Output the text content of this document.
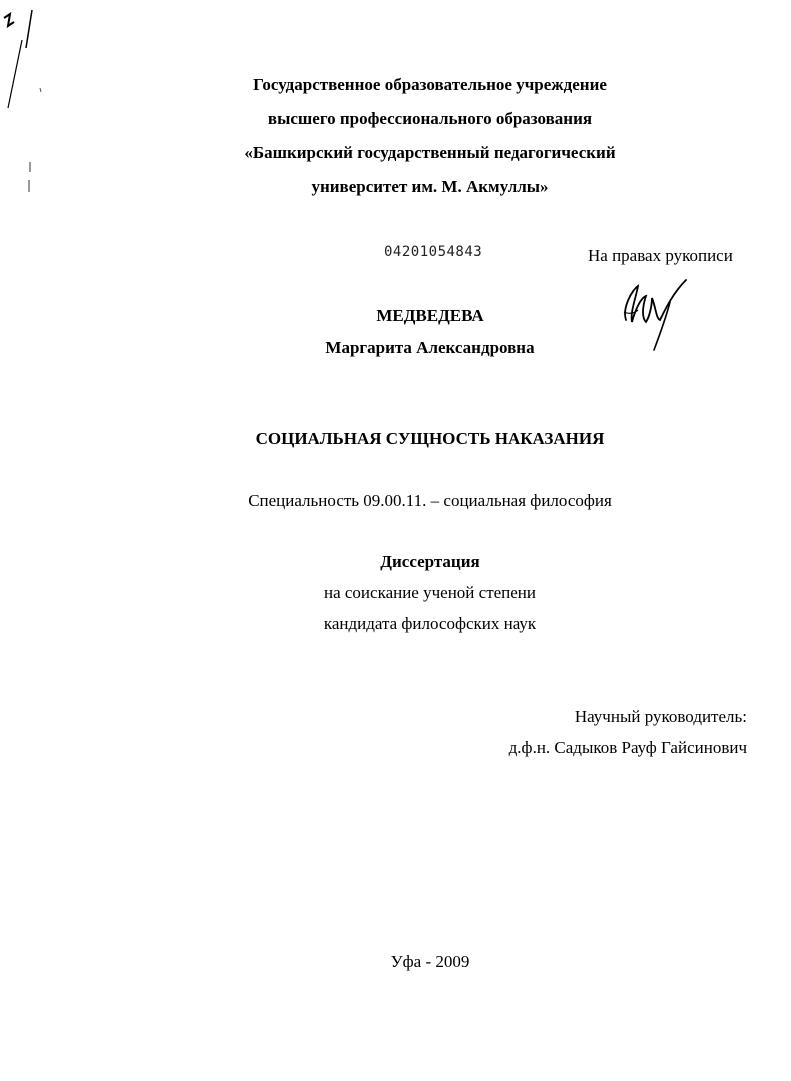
Государственное образовательное учреждение
высшего профессионального образования
«Башкирский государственный педагогический
университет им. М. Акмуллы»
04201054843	На правах рукописи
МЕДВЕДЕВА
Маргарита Александровна
СОЦИАЛЬНАЯ СУЩНОСТЬ НАКАЗАНИЯ
Специальность 09.00.11. – социальная философия
Диссертация
на соискание ученой степени
кандидата философских наук
Научный руководитель:
д.ф.н. Садыков Рауф Гайсинович
Уфа - 2009
